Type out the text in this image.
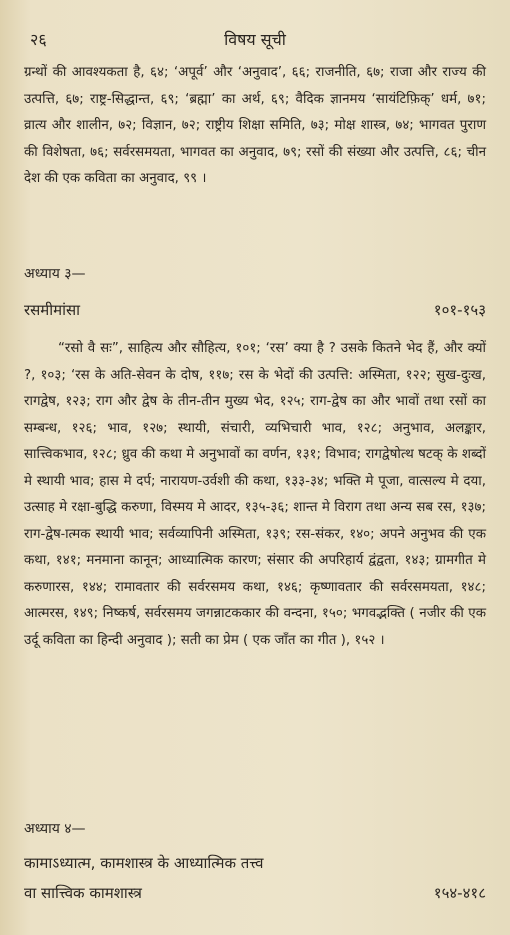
२६	विषय सूची
ग्रन्थों की आवश्यकता है, ६४; ‘अपूर्व’ और ‘अनुवाद’, ६६; राजनीति, ६७; राजा और राज्य की उत्पत्ति, ६७; राष्ट्र-सिद्धान्त, ६९; ‘ब्रह्मा’ का अर्थ, ६९; वैदिक ज्ञानमय ‘सायंटिफ़िक्’ धर्म, ७१; व्रात्य और शालीन, ७२; विज्ञान, ७२; राष्ट्रीय शिक्षा समिति, ७३; मोक्ष शास्त्र, ७४; भागवत पुराण की विशेषता, ७६; सर्वरसमयता, भागवत का अनुवाद, ७९; रसों की संख्या और उत्पत्ति, ८६; चीन देश की एक कविता का अनुवाद, ९९ ।
अध्याय ३—
रसमीमांसा	१०१-१५३
“रसो वै सः”, साहित्य और सौहित्य, १०१; ‘रस’ क्या है ? उसके कितने भेद हैं, और क्यों ?, १०३; ‘रस के अति-सेवन के दोष, ११७; रस के भेदों की उत्पत्ति: अस्मिता, १२२; सुख-दुःख, रागद्वेष, १२३; राग और द्वेष के तीन-तीन मुख्य भेद, १२५; राग-द्वेष का और भावों तथा रसों का सम्बन्ध, १२६; भाव, १२७; स्थायी, संचारी, व्यभिचारी भाव, १२८; अनुभाव, अलङ्कार, सात्त्विकभाव, १२८; ध्रुव की कथा मे अनुभावों का वर्णन, १३१; विभाव; रागद्वेषोत्थ षटक् के शब्दों मे स्थायी भाव; हास मे दर्प; नारायण-उर्वशी की कथा, १३३-३४; भक्ति मे पूजा, वात्सल्य मे दया, उत्साह मे रक्षा-बुद्धि करुणा, विस्मय मे आदर, १३५-३६; शान्त मे विराग तथा अन्य सब रस, १३७; राग-द्वेष-ात्मक स्थायी भाव; सर्वव्यापिनी अस्मिता, १३९; रस-संकर, १४०; अपने अनुभव की एक कथा, १४१; मनमाना कानून; आध्यात्मिक कारण; संसार की अपरिहार्य द्वंद्वता, १४३; ग्रामगीत मे करुणारस, १४४; रामावतार की सर्वरसमय कथा, १४६; कृष्णावतार की सर्वरसमयता, १४८; आत्मरस, १४९; निष्कर्ष, सर्वरसमय जगन्नाटककार की वन्दना, १५०; भगवद्भक्ति ( नजीर की एक उर्दू कविता का हिन्दी अनुवाद ); सती का प्रेम ( एक जाँत का गीत ), १५२ ।
अध्याय ४—
कामाऽध्यात्म, कामशास्त्र के आध्यात्मिक तत्त्व
वा सात्त्विक कामशास्त्र	१५४-४१८
